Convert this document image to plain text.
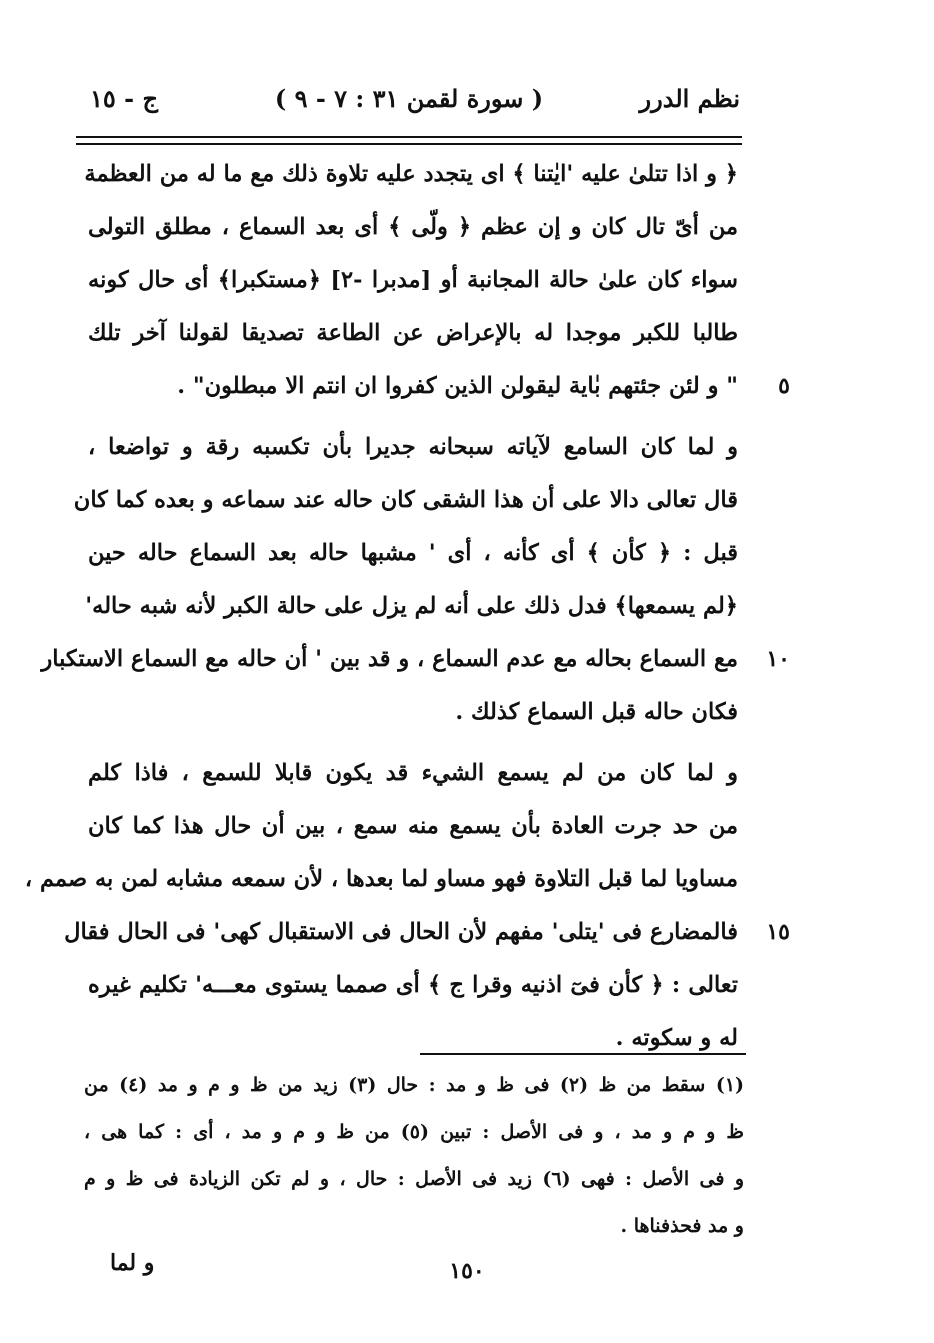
نظم الدرر
( سورة لقمن ٣١ : ٧ - ٩ )
ج - ١٥
﴿ و اذا تتلىٰ عليه 'ايٰتنا ﴾ اى يتجدد عليه تلاوة ذلك مع ما له من العظمة
من أىّ تال كان و إن عظم ﴿ ولّى ﴾ أى بعد السماع ، مطلق التولى
سواء كان علىٰ حالة المجانبة أو [مدبرا -٢] ﴿مستكبرا﴾ أى حال كونه
طالبا للكبر موجدا له بالإعراض عن الطاعة تصديقا لقولنا آخر تلك
٥
" و لئن جئتهم بٰاية ليقولن الذين كفروا ان انتم الا مبطلون" .
و لما كان السامع لآياته سبحانه جديرا بأن تكسبه رقة و تواضعا ،
قال تعالى دالا على أن هذا الشقى كان حاله عند سماعه و بعده كما كان
قبل : ﴿ كأن ﴾ أى كأنه ، أى ' مشبها حاله بعد السماع حاله حين
﴿لم يسمعها﴾ فدل ذلك على أنه لم يزل على حالة الكبر لأنه شبه حاله'
١٠
مع السماع بحاله مع عدم السماع ، و قد بين ' أن حاله مع السماع الاستكبار
فكان حاله قبل السماع كذلك .
و لما كان من لم يسمع الشيء قد يكون قابلا للسمع ، فاذا كلم
من حد جرت العادة بأن يسمع منه سمع ، بين أن حال هذا كما كان
مساويا لما قبل التلاوة فهو مساو لما بعدها ، لأن سمعه مشابه لمن به صمم ،
١٥
فالمضارع فى 'يتلى' مفهم لأن الحال فى الاستقبال كهى' فى الحال فقال
تعالى : ﴿ كأن فىٓ اذنيه وقرا ج ﴾ أى صمما يستوى معـــه' تكليم غيره
له و سكوته .
(١) سقط من ظ (٢) فى ظ و مد : حال (٣) زيد من ظ و م و مد (٤) من
ظ و م و مد ، و فى الأصل : تبين (٥) من ظ و م و مد ، أى : كما هى ،
و فى الأصل : فهى (٦) زيد فى الأصل : حال ، و لم تكن الزيادة فى ظ و م
و مد فحذفناها .
و لما	١٥٠
